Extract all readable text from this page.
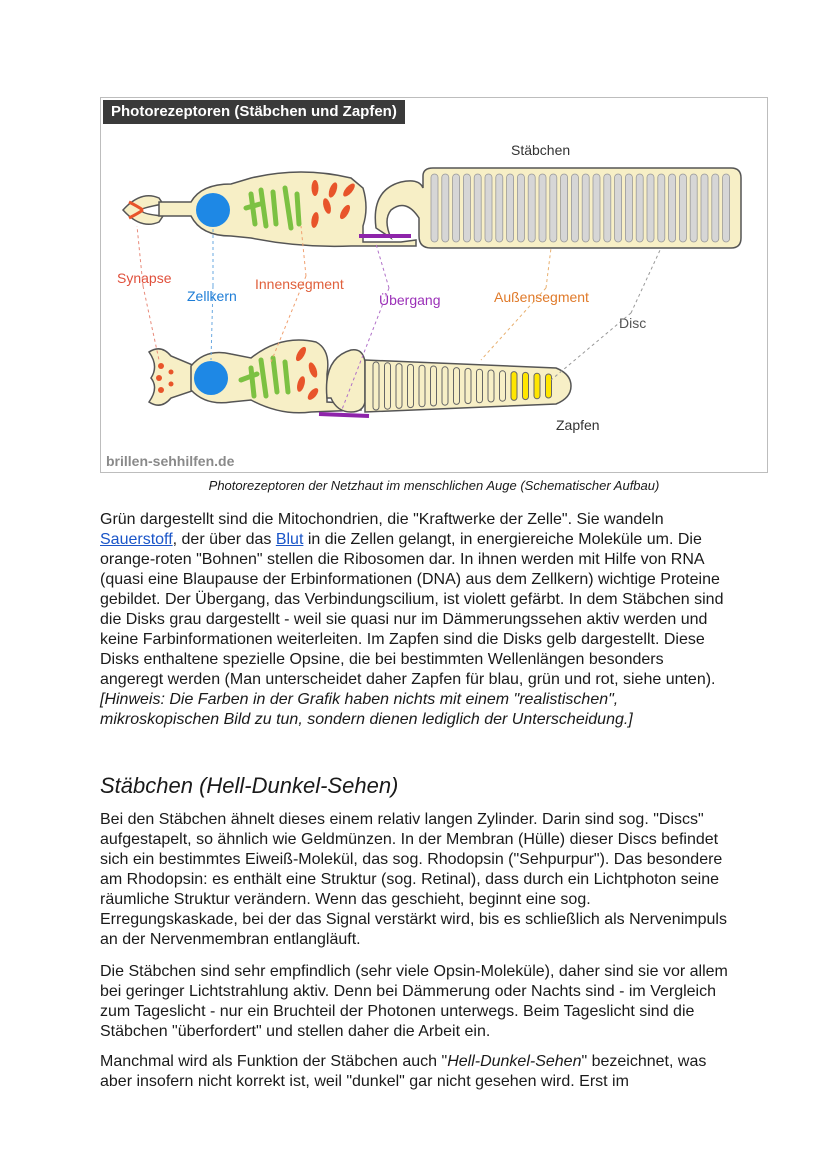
Stäbchen
Zapfen
Synapse
Zellkern
Innensegment
Übergang	Außensegment
Disc
Photorezeptoren (Stäbchen und Zapfen)
brillen-sehhilfen.de
Photorezeptoren der Netzhaut im menschlichen Auge (Schematischer Aufbau)

Grün dargestellt sind die Mitochondrien, die "Kraftwerke der Zelle". Sie wandeln Sauerstoff, der über das Blut in die Zellen gelangt, in energiereiche Moleküle um. Die orange-roten "Bohnen" stellen die Ribosomen dar. In ihnen werden mit Hilfe von RNA (quasi eine Blaupause der Erbinformationen (DNA) aus dem Zellkern) wichtige Proteine gebildet. Der Übergang, das Verbindungscilium, ist violett gefärbt. In dem Stäbchen sind die Disks grau dargestellt - weil sie quasi nur im Dämmerungssehen aktiv werden und keine Farbinformationen weiterleiten. Im Zapfen sind die Disks gelb dargestellt. Diese Disks enthaltene spezielle Opsine, die bei bestimmten Wellenlängen besonders angeregt werden (Man unterscheidet daher Zapfen für blau, grün und rot, siehe unten). [Hinweis: Die Farben in der Grafik haben nichts mit einem "realistischen", mikroskopischen Bild zu tun, sondern dienen lediglich der Unterscheidung.]

Stäbchen (Hell-Dunkel-Sehen)

Bei den Stäbchen ähnelt dieses einem relativ langen Zylinder. Darin sind sog. "Discs" aufgestapelt, so ähnlich wie Geldmünzen. In der Membran (Hülle) dieser Discs befindet sich ein bestimmtes Eiweiß-Molekül, das sog. Rhodopsin ("Sehpurpur"). Das besondere am Rhodopsin: es enthält eine Struktur (sog. Retinal), dass durch ein Lichtphoton seine räumliche Struktur verändern. Wenn das geschieht, beginnt eine sog. Erregungskaskade, bei der das Signal verstärkt wird, bis es schließlich als Nervenimpuls an der Nervenmembran entlangläuft.

Die Stäbchen sind sehr empfindlich (sehr viele Opsin-Moleküle), daher sind sie vor allem bei geringer Lichtstrahlung aktiv. Denn bei Dämmerung oder Nachts sind - im Vergleich zum Tageslicht - nur ein Bruchteil der Photonen unterwegs. Beim Tageslicht sind die Stäbchen "überfordert" und stellen daher die Arbeit ein.

Manchmal wird als Funktion der Stäbchen auch "Hell-Dunkel-Sehen" bezeichnet, was aber insofern nicht korrekt ist, weil "dunkel" gar nicht gesehen wird. Erst im
